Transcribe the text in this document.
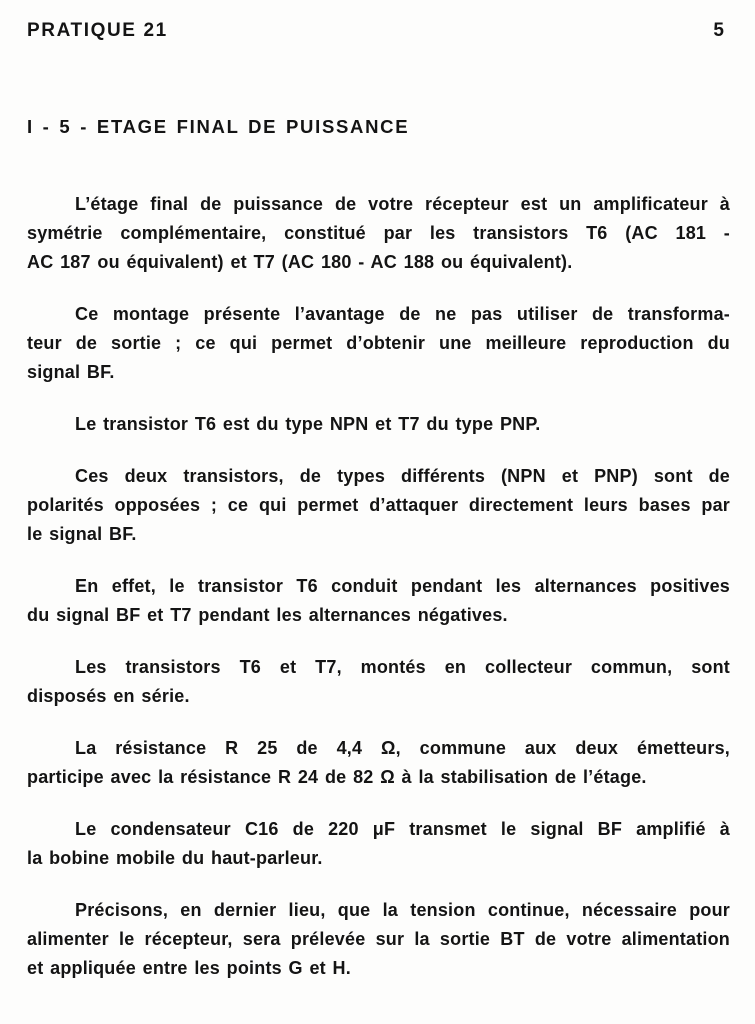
PRATIQUE 21	5
I - 5 - ETAGE FINAL DE PUISSANCE
L’étage final de puissance de votre récepteur est un amplificateur à
symétrie complémentaire, constitué par les transistors T6 (AC 181 -
AC 187 ou équivalent) et T7 (AC 180 - AC 188 ou équivalent).
Ce montage présente l’avantage de ne pas utiliser de transforma-
teur de sortie ; ce qui permet d’obtenir une meilleure reproduction du
signal BF.
Le transistor T6 est du type NPN et T7 du type PNP.
Ces deux transistors, de types différents (NPN et PNP) sont de
polarités opposées ; ce qui permet d’attaquer directement leurs bases par
le signal BF.
En effet, le transistor T6 conduit pendant les alternances positives
du signal BF et T7 pendant les alternances négatives.
Les transistors T6 et T7, montés en collecteur commun, sont
disposés en série.
La résistance R 25 de 4,4 Ω, commune aux deux émetteurs,
participe avec la résistance R 24 de 82 Ω à la stabilisation de l’étage.
Le condensateur C16 de 220 μF transmet le signal BF amplifié à
la bobine mobile du haut-parleur.
Précisons, en dernier lieu, que la tension continue, nécessaire pour
alimenter le récepteur, sera prélevée sur la sortie BT de votre alimentation
et appliquée entre les points G et H.
